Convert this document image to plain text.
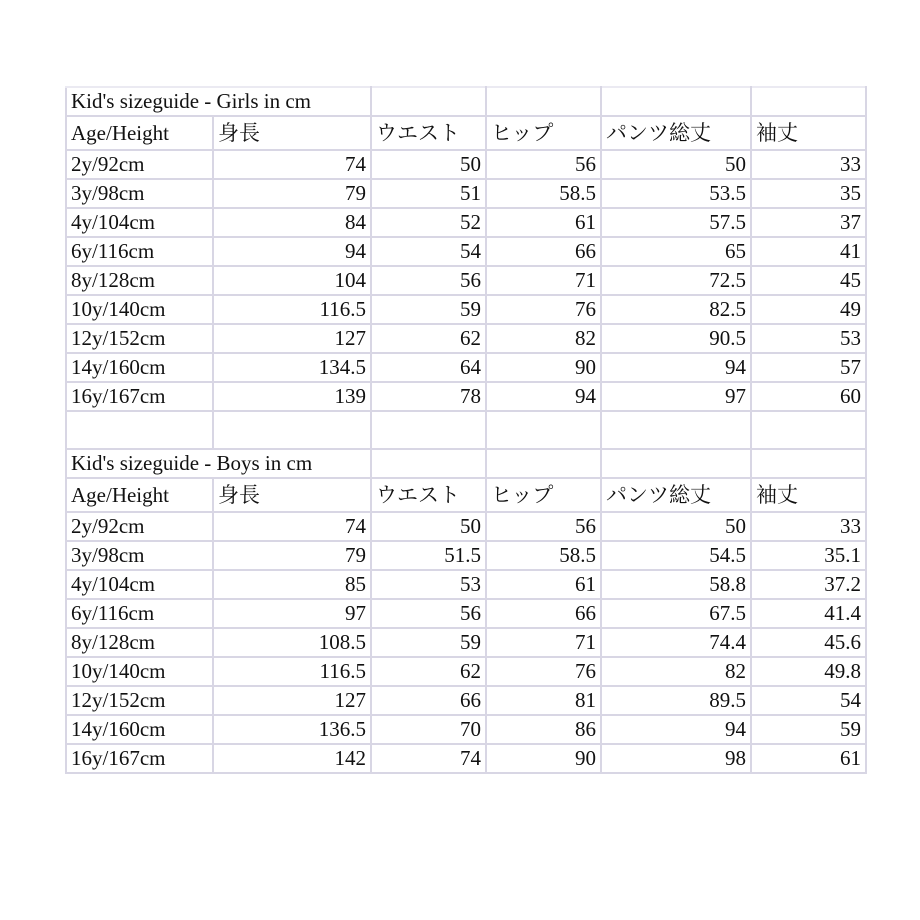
Kid's sizeguide - Girls in cm					
Age/Height	身長	ウエスト	ヒップ	パンツ総丈	袖丈
2y/92cm	74	50	56	50	33
3y/98cm	79	51	58.5	53.5	35
4y/104cm	84	52	61	57.5	37
6y/116cm	94	54	66	65	41
8y/128cm	104	56	71	72.5	45
10y/140cm	116.5	59	76	82.5	49
12y/152cm	127	62	82	90.5	53
14y/160cm	134.5	64	90	94	57
16y/167cm	139	78	94	97	60

Kid's sizeguide - Boys in cm					
Age/Height	身長	ウエスト	ヒップ	パンツ総丈	袖丈
2y/92cm	74	50	56	50	33
3y/98cm	79	51.5	58.5	54.5	35.1
4y/104cm	85	53	61	58.8	37.2
6y/116cm	97	56	66	67.5	41.4
8y/128cm	108.5	59	71	74.4	45.6
10y/140cm	116.5	62	76	82	49.8
12y/152cm	127	66	81	89.5	54
14y/160cm	136.5	70	86	94	59
16y/167cm	142	74	90	98	61
